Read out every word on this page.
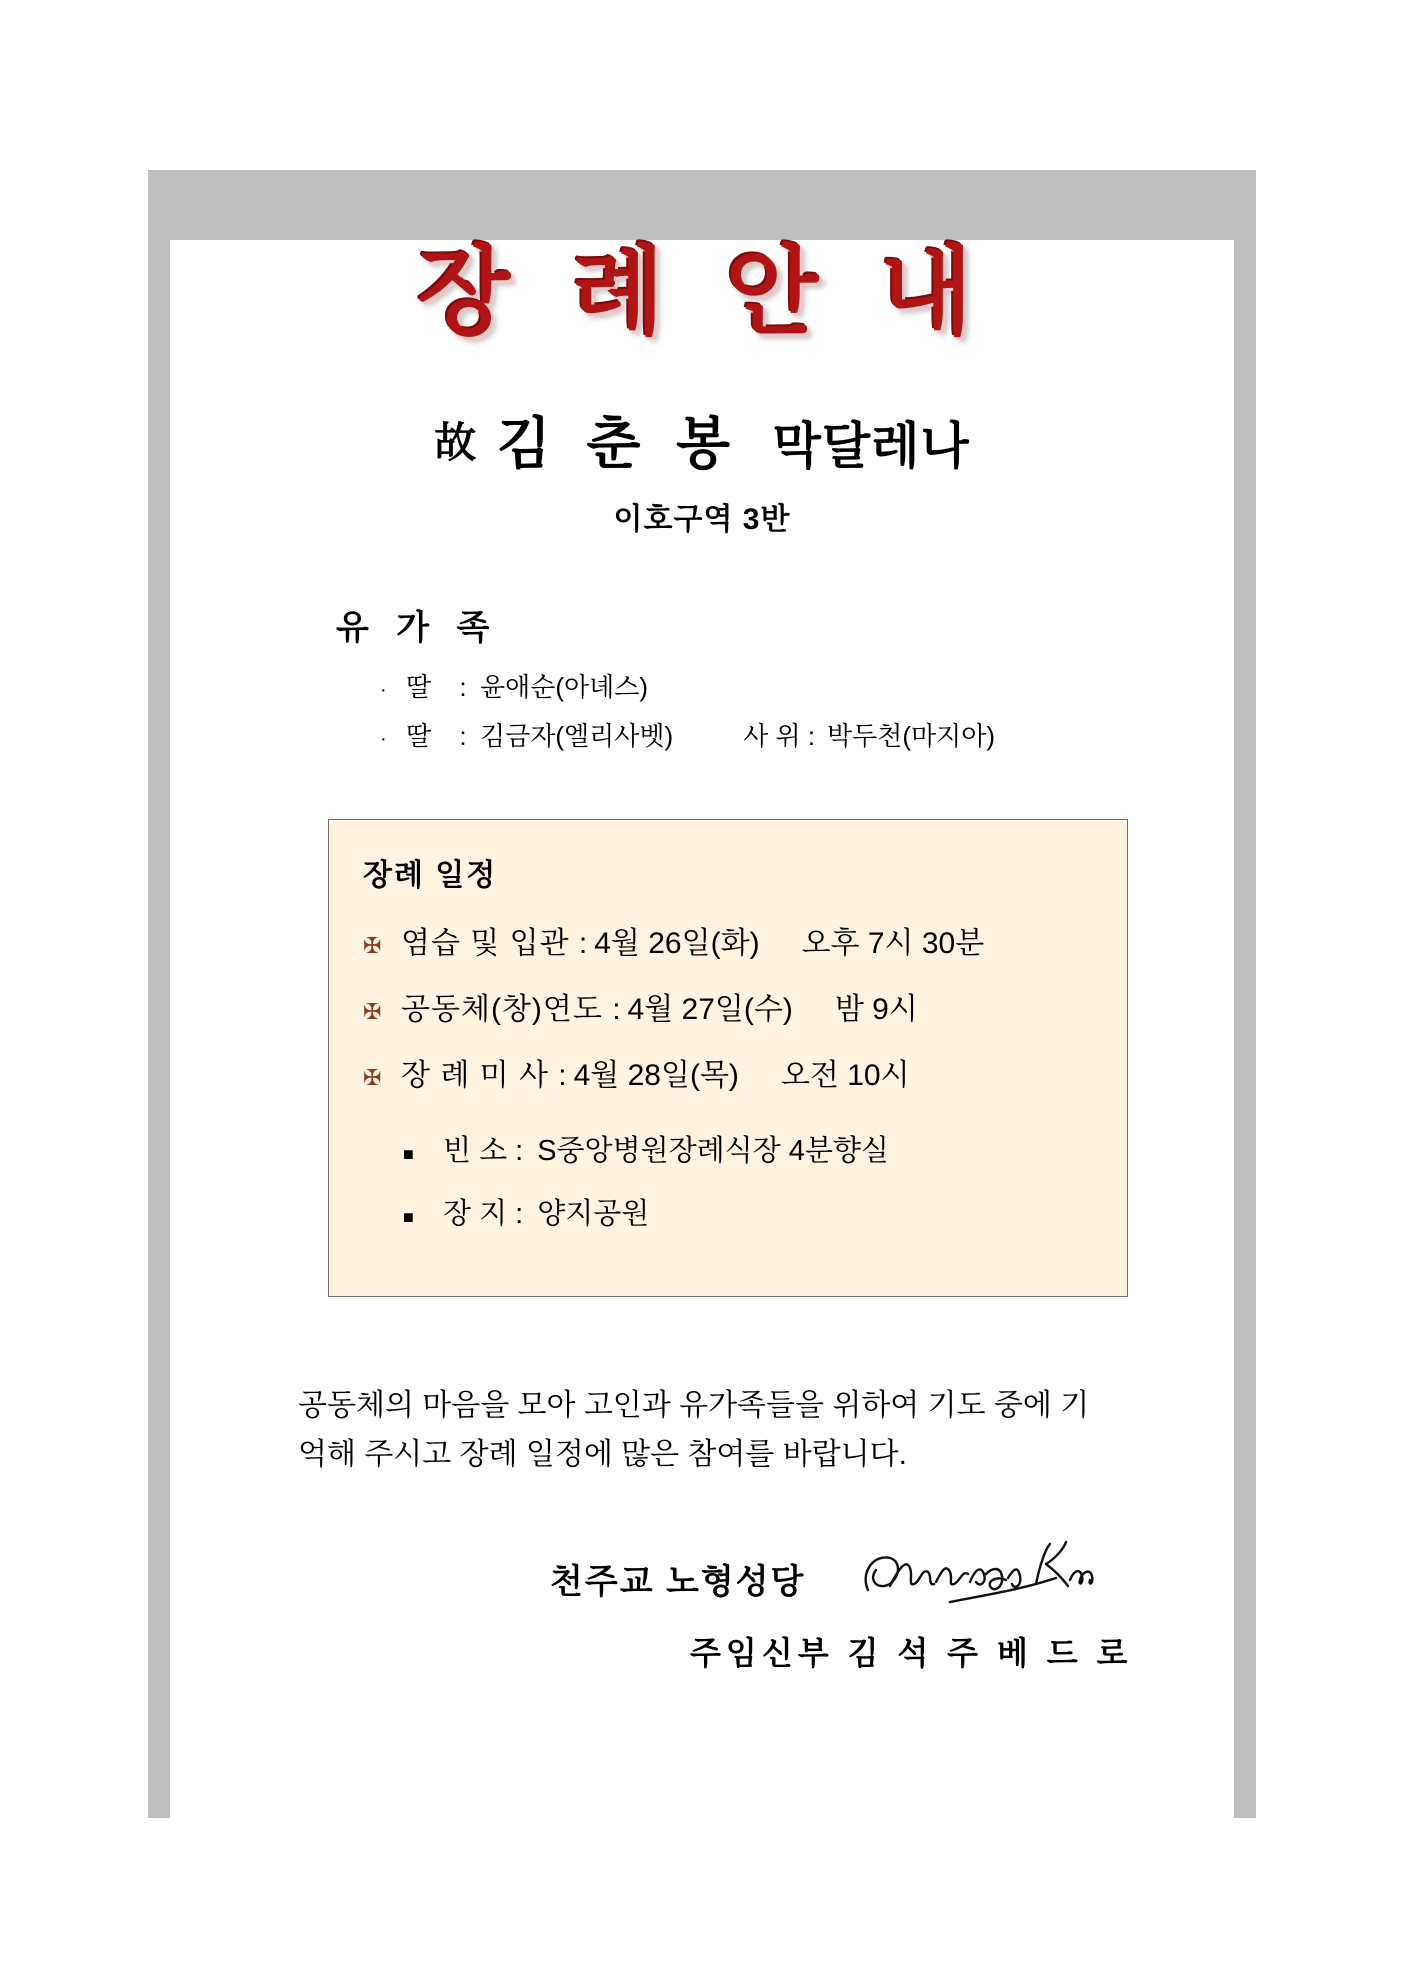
장 례 안 내
故 김 춘 봉 막달레나
이호구역 3반
유 가 족
· 딸	: 윤애순(아녜스)
· 딸	: 김금자(엘리사벳)	사 위 : 박두천(마지아)
장례 일정
✠ 염습 및 입관 : 4월 26일(화) 오후 7시 30분
✠ 공동체(창)연도 : 4월 27일(수) 밤 9시
✠ 장 례 미 사 : 4월 28일(목) 오전 10시
■	빈 소 : S중앙병원장례식장 4분향실
■	장 지 : 양지공원
공동체의 마음을 모아 고인과 유가족들을 위하여 기도 중에 기억해 주시고 장례 일정에 많은 참여를 바랍니다.
천주교 노형성당
주임신부 김 석 주 베 드 로
